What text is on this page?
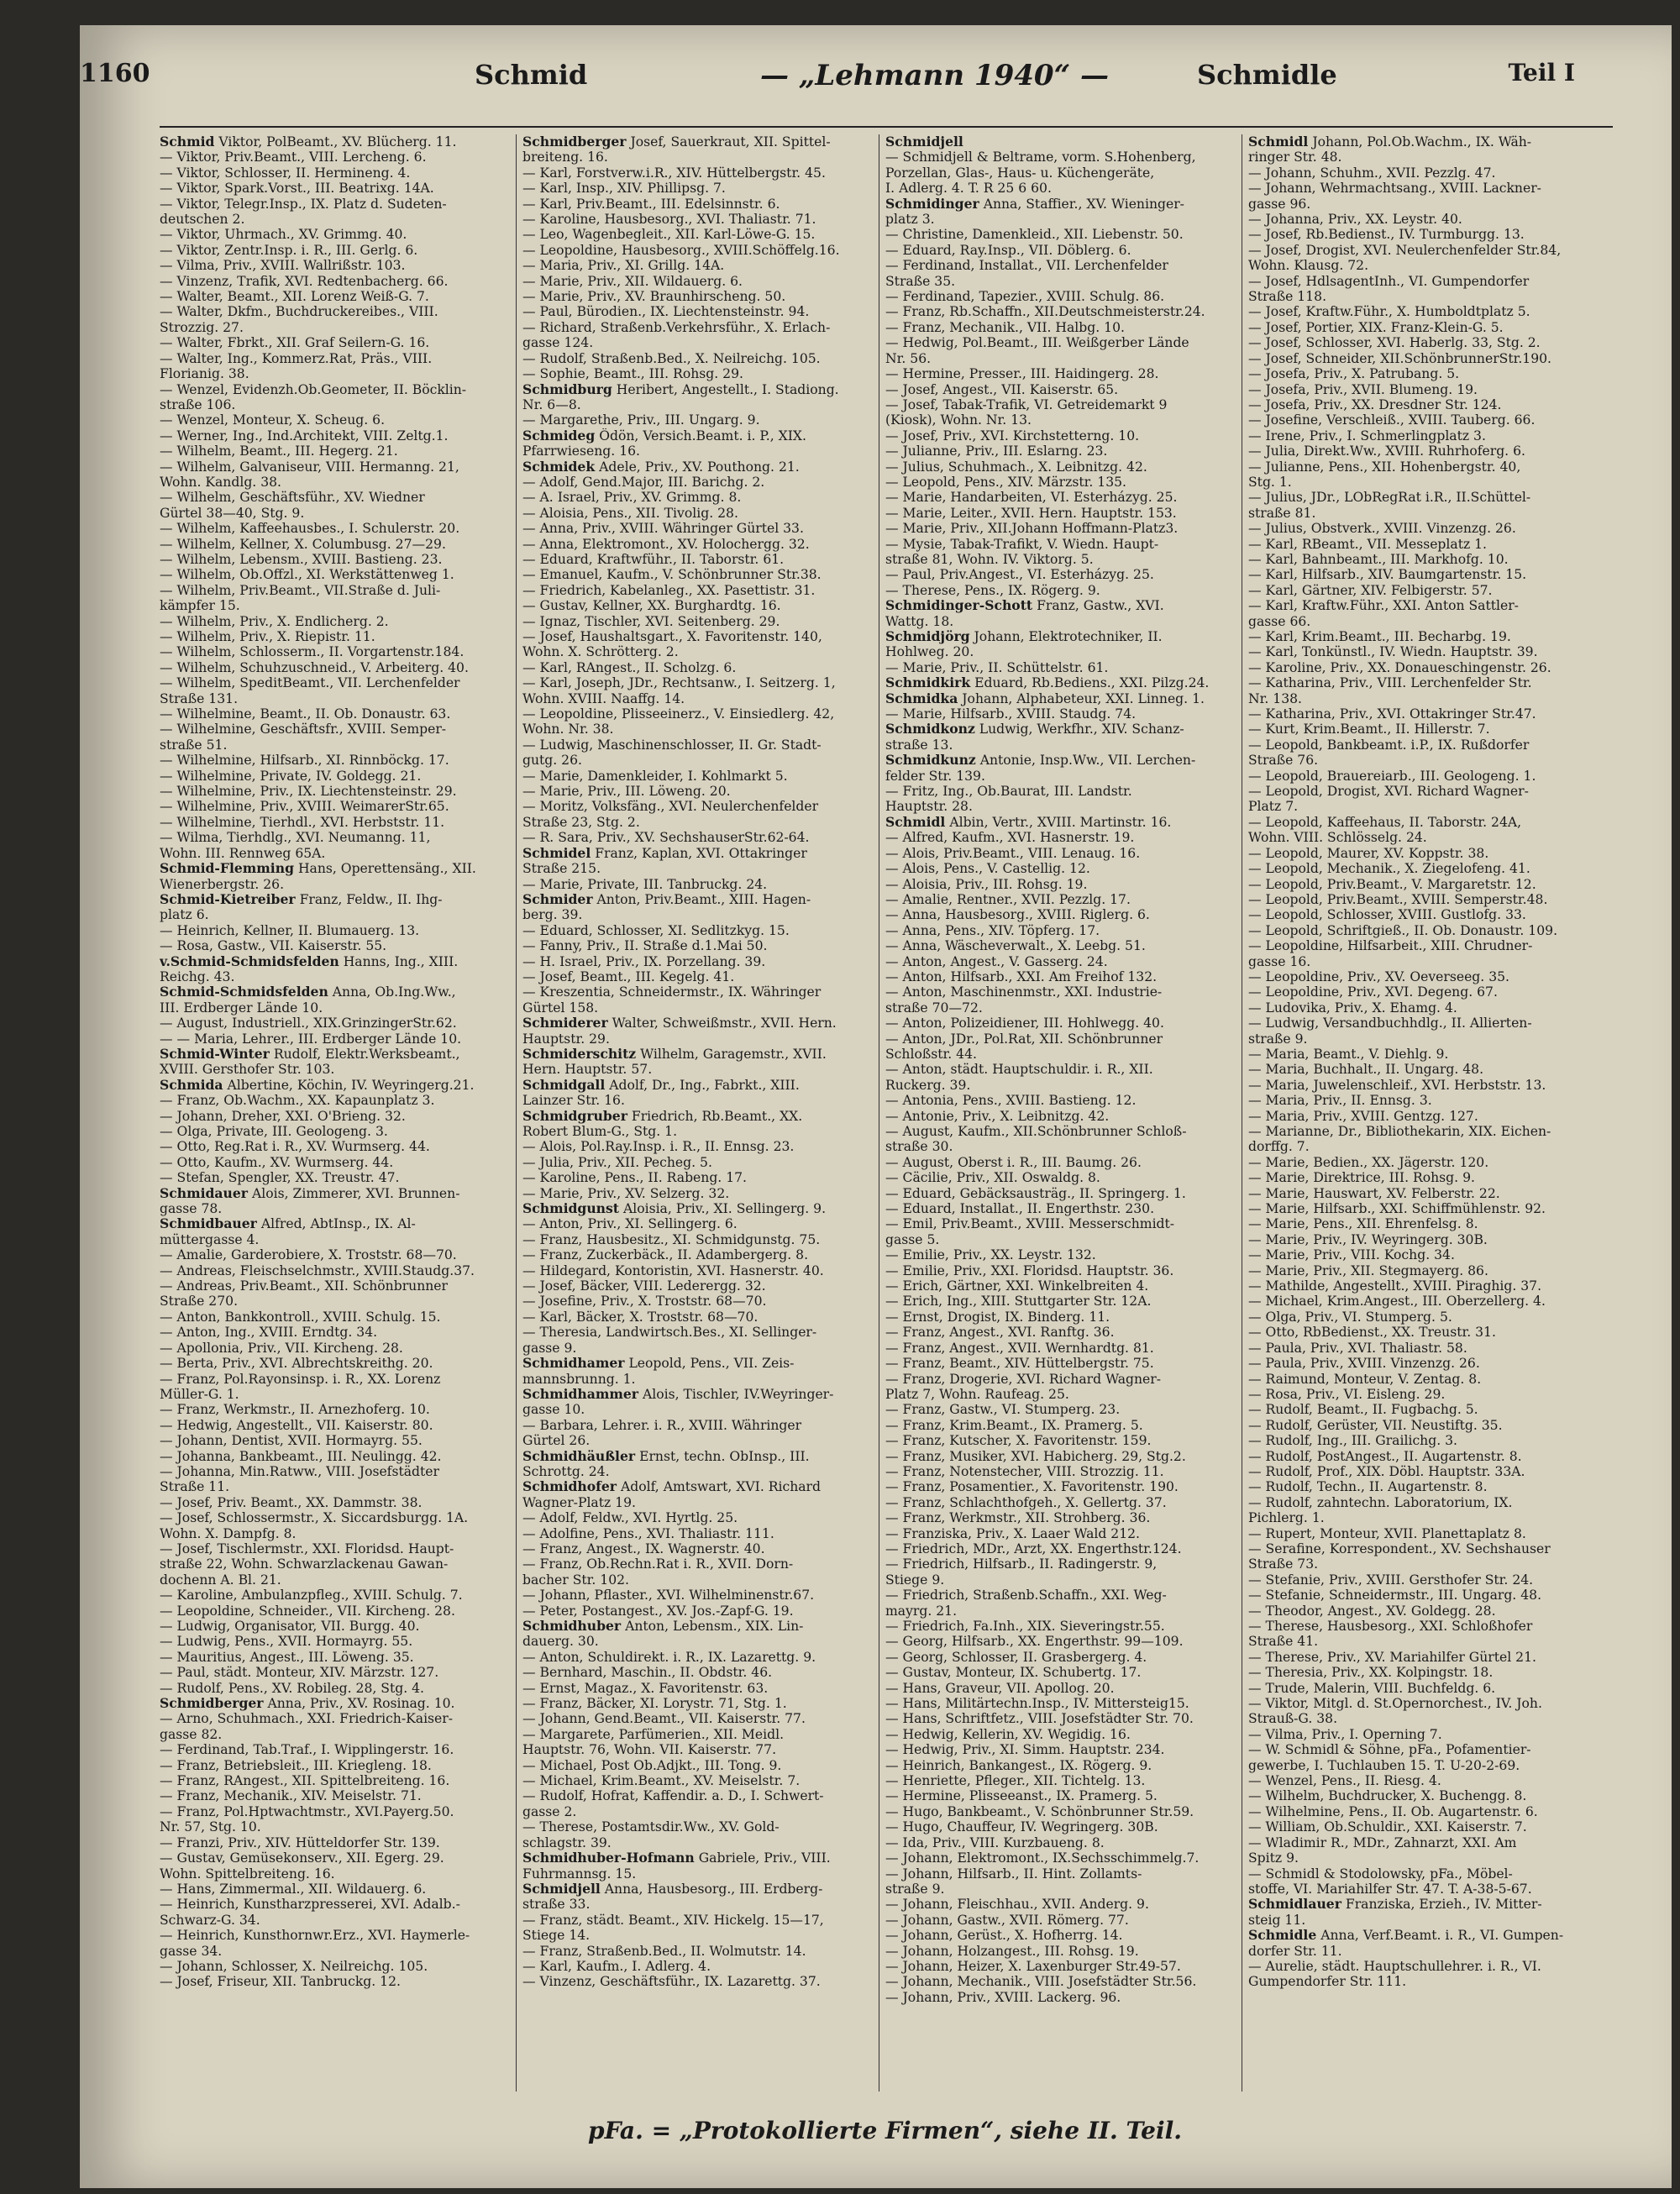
1160	Schmid	— „Lehmann 1940“ —	Schmidle	Teil I
Schmid Viktor, PolBeamt., XV. Blücherg. 11.
— Viktor, Priv.Beamt., VIII. Lercheng. 6.
— Viktor, Schlosser, II. Hermineng. 4.
— Viktor, Spark.Vorst., III. Beatrixg. 14A.
— Viktor, Telegr.Insp., IX. Platz d. Sudeten-
deutschen 2.
— Viktor, Uhrmach., XV. Grimmg. 40.
— Viktor, Zentr.Insp. i. R., III. Gerlg. 6.
— Vilma, Priv., XVIII. Wallrißstr. 103.
— Vinzenz, Trafik, XVI. Redtenbacherg. 66.
— Walter, Beamt., XII. Lorenz Weiß-G. 7.
— Walter, Dkfm., Buchdruckereibes., VIII.
Strozzig. 27.
— Walter, Fbrkt., XII. Graf Seilern-G. 16.
— Walter, Ing., Kommerz.Rat, Präs., VIII.
Florianig. 38.
— Wenzel, Evidenzh.Ob.Geometer, II. Böcklin-
straße 106.
— Wenzel, Monteur, X. Scheug. 6.
— Werner, Ing., Ind.Architekt, VIII. Zeltg.1.
— Wilhelm, Beamt., III. Hegerg. 21.
— Wilhelm, Galvaniseur, VIII. Hermanng. 21,
Wohn. Kandlg. 38.
— Wilhelm, Geschäftsführ., XV. Wiedner
Gürtel 38—40, Stg. 9.
— Wilhelm, Kaffeehausbes., I. Schulerstr. 20.
— Wilhelm, Kellner, X. Columbusg. 27—29.
— Wilhelm, Lebensm., XVIII. Bastieng. 23.
— Wilhelm, Ob.Offzl., XI. Werkstättenweg 1.
— Wilhelm, Priv.Beamt., VII.Straße d. Juli-
kämpfer 15.
— Wilhelm, Priv., X. Endlicherg. 2.
— Wilhelm, Priv., X. Riepistr. 11.
— Wilhelm, Schlosserm., II. Vorgartenstr.184.
— Wilhelm, Schuhzuschneid., V. Arbeiterg. 40.
— Wilhelm, SpeditBeamt., VII. Lerchenfelder
Straße 131.
— Wilhelmine, Beamt., II. Ob. Donaustr. 63.
— Wilhelmine, Geschäftsfr., XVIII. Semper-
straße 51.
— Wilhelmine, Hilfsarb., XI. Rinnböckg. 17.
— Wilhelmine, Private, IV. Goldegg. 21.
— Wilhelmine, Priv., IX. Liechtensteinstr. 29.
— Wilhelmine, Priv., XVIII. WeimarerStr.65.
— Wilhelmine, Tierhdl., XVI. Herbststr. 11.
— Wilma, Tierhdlg., XVI. Neumanng. 11,
Wohn. III. Rennweg 65A.
Schmid-Flemming Hans, Operettensäng., XII.
Wienerbergstr. 26.
Schmid-Kietreiber Franz, Feldw., II. Ihg-
platz 6.
— Heinrich, Kellner, II. Blumauerg. 13.
— Rosa, Gastw., VII. Kaiserstr. 55.
v.Schmid-Schmidsfelden Hanns, Ing., XIII.
Reichg. 43.
Schmid-Schmidsfelden Anna, Ob.Ing.Ww.,
III. Erdberger Lände 10.
— August, Industriell., XIX.GrinzingerStr.62.
— — Maria, Lehrer., III. Erdberger Lände 10.
Schmid-Winter Rudolf, Elektr.Werksbeamt.,
XVIII. Gersthofer Str. 103.
Schmida Albertine, Köchin, IV. Weyringerg.21.
— Franz, Ob.Wachm., XX. Kapaunplatz 3.
— Johann, Dreher, XXI. O'Brieng. 32.
— Olga, Private, III. Geologeng. 3.
— Otto, Reg.Rat i. R., XV. Wurmserg. 44.
— Otto, Kaufm., XV. Wurmserg. 44.
— Stefan, Spengler, XX. Treustr. 47.
Schmidauer Alois, Zimmerer, XVI. Brunnen-
gasse 78.
Schmidbauer Alfred, AbtInsp., IX. Al-
müttergasse 4.
— Amalie, Garderobiere, X. Troststr. 68—70.
— Andreas, Fleischselchmstr., XVIII.Staudg.37.
— Andreas, Priv.Beamt., XII. Schönbrunner
Straße 270.
— Anton, Bankkontroll., XVIII. Schulg. 15.
— Anton, Ing., XVIII. Erndtg. 34.
— Apollonia, Priv., VII. Kircheng. 28.
— Berta, Priv., XVI. Albrechtskreithg. 20.
— Franz, Pol.Rayonsinsp. i. R., XX. Lorenz
Müller-G. 1.
— Franz, Werkmstr., II. Arnezhoferg. 10.
— Hedwig, Angestellt., VII. Kaiserstr. 80.
— Johann, Dentist, XVII. Hormayrg. 55.
— Johanna, Bankbeamt., III. Neulingg. 42.
— Johanna, Min.Ratww., VIII. Josefstädter
Straße 11.
— Josef, Priv. Beamt., XX. Dammstr. 38.
— Josef, Schlossermstr., X. Siccardsburgg. 1A.
Wohn. X. Dampfg. 8.
— Josef, Tischlermstr., XXI. Floridsd. Haupt-
straße 22, Wohn. Schwarzlackenau Gawan-
dochenn A. Bl. 21.
— Karoline, Ambulanzpfleg., XVIII. Schulg. 7.
— Leopoldine, Schneider., VII. Kircheng. 28.
— Ludwig, Organisator, VII. Burgg. 40.
— Ludwig, Pens., XVII. Hormayrg. 55.
— Mauritius, Angest., III. Löweng. 35.
— Paul, städt. Monteur, XIV. Märzstr. 127.
— Rudolf, Pens., XV. Robileg. 28, Stg. 4.
Schmidberger Anna, Priv., XV. Rosinag. 10.
— Arno, Schuhmach., XXI. Friedrich-Kaiser-
gasse 82.
— Ferdinand, Tab.Traf., I. Wipplingerstr. 16.
— Franz, Betriebsleit., III. Kriegleng. 18.
— Franz, RAngest., XII. Spittelbreiteng. 16.
— Franz, Mechanik., XIV. Meiselstr. 71.
— Franz, Pol.Hptwachtmstr., XVI.Payerg.50.
Nr. 57, Stg. 10.
— Franzi, Priv., XIV. Hütteldorfer Str. 139.
— Gustav, Gemüsekonserv., XII. Egerg. 29.
Wohn. Spittelbreiteng. 16.
— Hans, Zimmermal., XII. Wildauerg. 6.
— Heinrich, Kunstharzpresserei, XVI. Adalb.-
Schwarz-G. 34.
— Heinrich, Kunsthornwr.Erz., XVI. Haymerle-
gasse 34.
— Johann, Schlosser, X. Neilreichg. 105.
— Josef, Friseur, XII. Tanbruckg. 12.
Schmidberger Josef, Sauerkraut, XII. Spittel-
breiteng. 16.
— Karl, Forstverw.i.R., XIV. Hüttelbergstr. 45.
— Karl, Insp., XIV. Phillipsg. 7.
— Karl, Priv.Beamt., III. Edelsinnstr. 6.
— Karoline, Hausbesorg., XVI. Thaliastr. 71.
— Leo, Wagenbegleit., XII. Karl-Löwe-G. 15.
— Leopoldine, Hausbesorg., XVIII.Schöffelg.16.
— Maria, Priv., XI. Grillg. 14A.
— Marie, Priv., XII. Wildauerg. 6.
— Marie, Priv., XV. Braunhirscheng. 50.
— Paul, Bürodien., IX. Liechtensteinstr. 94.
— Richard, Straßenb.Verkehrsführ., X. Erlach-
gasse 124.
— Rudolf, Straßenb.Bed., X. Neilreichg. 105.
— Sophie, Beamt., III. Rohsg. 29.
Schmidburg Heribert, Angestellt., I. Stadiong.
Nr. 6—8.
— Margarethe, Priv., III. Ungarg. 9.
Schmideg Ödön, Versich.Beamt. i. P., XIX.
Pfarrwieseng. 16.
Schmidek Adele, Priv., XV. Pouthong. 21.
— Adolf, Gend.Major, III. Barichg. 2.
— A. Israel, Priv., XV. Grimmg. 8.
— Aloisia, Pens., XII. Tivolig. 28.
— Anna, Priv., XVIII. Währinger Gürtel 33.
— Anna, Elektromont., XV. Holochergg. 32.
— Eduard, Kraftwführ., II. Taborstr. 61.
— Emanuel, Kaufm., V. Schönbrunner Str.38.
— Friedrich, Kabelanleg., XX. Pasettistr. 31.
— Gustav, Kellner, XX. Burghardtg. 16.
— Ignaz, Tischler, XVI. Seitenberg. 29.
— Josef, Haushaltsgart., X. Favoritenstr. 140,
Wohn. X. Schrötterg. 2.
— Karl, RAngest., II. Scholzg. 6.
— Karl, Joseph, JDr., Rechtsanw., I. Seitzerg. 1,
Wohn. XVIII. Naaffg. 14.
— Leopoldine, Plisseeinerz., V. Einsiedlerg. 42,
Wohn. Nr. 38.
— Ludwig, Maschinenschlosser, II. Gr. Stadt-
gutg. 26.
— Marie, Damenkleider, I. Kohlmarkt 5.
— Marie, Priv., III. Löweng. 20.
— Moritz, Volksfäng., XVI. Neulerchenfelder
Straße 23, Stg. 2.
— R. Sara, Priv., XV. SechshauserStr.62-64.
Schmidel Franz, Kaplan, XVI. Ottakringer
Straße 215.
— Marie, Private, III. Tanbruckg. 24.
Schmider Anton, Priv.Beamt., XIII. Hagen-
berg. 39.
— Eduard, Schlosser, XI. Sedlitzkyg. 15.
— Fanny, Priv., II. Straße d.1.Mai 50.
— H. Israel, Priv., IX. Porzellang. 39.
— Josef, Beamt., III. Kegelg. 41.
— Kreszentia, Schneidermstr., IX. Währinger
Gürtel 158.
Schmiderer Walter, Schweißmstr., XVII. Hern.
Hauptstr. 29.
Schmiderschitz Wilhelm, Garagemstr., XVII.
Hern. Hauptstr. 57.
Schmidgall Adolf, Dr., Ing., Fabrkt., XIII.
Lainzer Str. 16.
Schmidgruber Friedrich, Rb.Beamt., XX.
Robert Blum-G., Stg. 1.
— Alois, Pol.Ray.Insp. i. R., II. Ennsg. 23.
— Julia, Priv., XII. Pecheg. 5.
— Karoline, Pens., II. Rabeng. 17.
— Marie, Priv., XV. Selzerg. 32.
Schmidgunst Aloisia, Priv., XI. Sellingerg. 9.
— Anton, Priv., XI. Sellingerg. 6.
— Franz, Hausbesitz., XI. Schmidgunstg. 75.
— Franz, Zuckerbäck., II. Adambergerg. 8.
— Hildegard, Kontoristin, XVI. Hasnerstr. 40.
— Josef, Bäcker, VIII. Lederergg. 32.
— Josefine, Priv., X. Troststr. 68—70.
— Karl, Bäcker, X. Troststr. 68—70.
— Theresia, Landwirtsch.Bes., XI. Sellinger-
gasse 9.
Schmidhamer Leopold, Pens., VII. Zeis-
mannsbrunng. 1.
Schmidhammer Alois, Tischler, IV.Weyringer-
gasse 10.
— Barbara, Lehrer. i. R., XVIII. Währinger
Gürtel 26.
Schmidhäußler Ernst, techn. ObInsp., III.
Schrottg. 24.
Schmidhofer Adolf, Amtswart, XVI. Richard
Wagner-Platz 19.
— Adolf, Feldw., XVI. Hyrtlg. 25.
— Adolfine, Pens., XVI. Thaliastr. 111.
— Franz, Angest., IX. Wagnerstr. 40.
— Franz, Ob.Rechn.Rat i. R., XVII. Dorn-
bacher Str. 102.
— Johann, Pflaster., XVI. Wilhelminenstr.67.
— Peter, Postangest., XV. Jos.-Zapf-G. 19.
Schmidhuber Anton, Lebensm., XIX. Lin-
dauerg. 30.
— Anton, Schuldirekt. i. R., IX. Lazarettg. 9.
— Bernhard, Maschin., II. Obdstr. 46.
— Ernst, Magaz., X. Favoritenstr. 63.
— Franz, Bäcker, XI. Lorystr. 71, Stg. 1.
— Johann, Gend.Beamt., VII. Kaiserstr. 77.
— Margarete, Parfümerien., XII. Meidl.
Hauptstr. 76, Wohn. VII. Kaiserstr. 77.
— Michael, Post Ob.Adjkt., III. Tong. 9.
— Michael, Krim.Beamt., XV. Meiselstr. 7.
— Rudolf, Hofrat, Kaffendir. a. D., I. Schwert-
gasse 2.
— Therese, Postamtsdir.Ww., XV. Gold-
schlagstr. 39.
Schmidhuber-Hofmann Gabriele, Priv., VIII.
Fuhrmannsg. 15.
Schmidjell Anna, Hausbesorg., III. Erdberg-
straße 33.
— Franz, städt. Beamt., XIV. Hickelg. 15—17,
Stiege 14.
— Franz, Straßenb.Bed., II. Wolmutstr. 14.
— Karl, Kaufm., I. Adlerg. 4.
— Vinzenz, Geschäftsführ., IX. Lazarettg. 37.
Schmidjell
— Schmidjell & Beltrame, vorm. S.Hohenberg,
Porzellan, Glas-, Haus- u. Küchengeräte,
I. Adlerg. 4. T. R 25 6 60.
Schmidinger Anna, Staffier., XV. Wieninger-
platz 3.
— Christine, Damenkleid., XII. Liebenstr. 50.
— Eduard, Ray.Insp., VII. Döblerg. 6.
— Ferdinand, Installat., VII. Lerchenfelder
Straße 35.
— Ferdinand, Tapezier., XVIII. Schulg. 86.
— Franz, Rb.Schaffn., XII.Deutschmeisterstr.24.
— Franz, Mechanik., VII. Halbg. 10.
— Hedwig, Pol.Beamt., III. Weißgerber Lände
Nr. 56.
— Hermine, Presser., III. Haidingerg. 28.
— Josef, Angest., VII. Kaiserstr. 65.
— Josef, Tabak-Trafik, VI. Getreidemarkt 9
(Kiosk), Wohn. Nr. 13.
— Josef, Priv., XVI. Kirchstetterng. 10.
— Julianne, Priv., III. Eslarng. 23.
— Julius, Schuhmach., X. Leibnitzg. 42.
— Leopold, Pens., XIV. Märzstr. 135.
— Marie, Handarbeiten, VI. Esterházyg. 25.
— Marie, Leiter., XVII. Hern. Hauptstr. 153.
— Marie, Priv., XII.Johann Hoffmann-Platz3.
— Mysie, Tabak-Trafikt, V. Wiedn. Haupt-
straße 81, Wohn. IV. Viktorg. 5.
— Paul, Priv.Angest., VI. Esterházyg. 25.
— Therese, Pens., IX. Rögerg. 9.
Schmidinger-Schott Franz, Gastw., XVI.
Wattg. 18.
Schmidjörg Johann, Elektrotechniker, II.
Hohlweg. 20.
— Marie, Priv., II. Schüttelstr. 61.
Schmidkirk Eduard, Rb.Bediens., XXI. Pilzg.24.
Schmidka Johann, Alphabeteur, XXI. Linneg. 1.
— Marie, Hilfsarb., XVIII. Staudg. 74.
Schmidkonz Ludwig, Werkfhr., XIV. Schanz-
straße 13.
Schmidkunz Antonie, Insp.Ww., VII. Lerchen-
felder Str. 139.
— Fritz, Ing., Ob.Baurat, III. Landstr.
Hauptstr. 28.
Schmidl Albin, Vertr., XVIII. Martinstr. 16.
— Alfred, Kaufm., XVI. Hasnerstr. 19.
— Alois, Priv.Beamt., VIII. Lenaug. 16.
— Alois, Pens., V. Castellig. 12.
— Aloisia, Priv., III. Rohsg. 19.
— Amalie, Rentner., XVII. Pezzlg. 17.
— Anna, Hausbesorg., XVIII. Riglerg. 6.
— Anna, Pens., XIV. Töpferg. 17.
— Anna, Wäscheverwalt., X. Leebg. 51.
— Anton, Angest., V. Gasserg. 24.
— Anton, Hilfsarb., XXI. Am Freihof 132.
— Anton, Maschinenmstr., XXI. Industrie-
straße 70—72.
— Anton, Polizeidiener, III. Hohlwegg. 40.
— Anton, JDr., Pol.Rat, XII. Schönbrunner
Schloßstr. 44.
— Anton, städt. Hauptschuldir. i. R., XII.
Ruckerg. 39.
— Antonia, Pens., XVIII. Bastieng. 12.
— Antonie, Priv., X. Leibnitzg. 42.
— August, Kaufm., XII.Schönbrunner Schloß-
straße 30.
— August, Oberst i. R., III. Baumg. 26.
— Cäcilie, Priv., XII. Oswaldg. 8.
— Eduard, Gebäcksausträg., II. Springerg. 1.
— Eduard, Installat., II. Engerthstr. 230.
— Emil, Priv.Beamt., XVIII. Messerschmidt-
gasse 5.
— Emilie, Priv., XX. Leystr. 132.
— Emilie, Priv., XXI. Floridsd. Hauptstr. 36.
— Erich, Gärtner, XXI. Winkelbreiten 4.
— Erich, Ing., XIII. Stuttgarter Str. 12A.
— Ernst, Drogist, IX. Binderg. 11.
— Franz, Angest., XVI. Ranftg. 36.
— Franz, Angest., XVII. Wernhardtg. 81.
— Franz, Beamt., XIV. Hüttelbergstr. 75.
— Franz, Drogerie, XVI. Richard Wagner-
Platz 7, Wohn. Raufeag. 25.
— Franz, Gastw., VI. Stumperg. 23.
— Franz, Krim.Beamt., IX. Pramerg. 5.
— Franz, Kutscher, X. Favoritenstr. 159.
— Franz, Musiker, XVI. Habicherg. 29, Stg.2.
— Franz, Notenstecher, VIII. Strozzig. 11.
— Franz, Posamentier., X. Favoritenstr. 190.
— Franz, Schlachthofgeh., X. Gellertg. 37.
— Franz, Werkmstr., XII. Strohberg. 36.
— Franziska, Priv., X. Laaer Wald 212.
— Friedrich, MDr., Arzt, XX. Engerthstr.124.
— Friedrich, Hilfsarb., II. Radingerstr. 9,
Stiege 9.
— Friedrich, Straßenb.Schaffn., XXI. Weg-
mayrg. 21.
— Friedrich, Fa.Inh., XIX. Sieveringstr.55.
— Georg, Hilfsarb., XX. Engerthstr. 99—109.
— Georg, Schlosser, II. Grasbergerg. 4.
— Gustav, Monteur, IX. Schubertg. 17.
— Hans, Graveur, VII. Apollog. 20.
— Hans, Militärtechn.Insp., IV. Mittersteig15.
— Hans, Schriftfetz., VIII. Josefstädter Str. 70.
— Hedwig, Kellerin, XV. Wegidig. 16.
— Hedwig, Priv., XI. Simm. Hauptstr. 234.
— Heinrich, Bankangest., IX. Rögerg. 9.
— Henriette, Pfleger., XII. Tichtelg. 13.
— Hermine, Plisseeanst., IX. Pramerg. 5.
— Hugo, Bankbeamt., V. Schönbrunner Str.59.
— Hugo, Chauffeur, IV. Wegringerg. 30B.
— Ida, Priv., VIII. Kurzbaueng. 8.
— Johann, Elektromont., IX.Sechsschimmelg.7.
— Johann, Hilfsarb., II. Hint. Zollamts-
straße 9.
— Johann, Fleischhau., XVII. Anderg. 9.
— Johann, Gastw., XVII. Römerg. 77.
— Johann, Gerüst., X. Hofherrg. 14.
— Johann, Holzangest., III. Rohsg. 19.
— Johann, Heizer, X. Laxenburger Str.49-57.
— Johann, Mechanik., VIII. Josefstädter Str.56.
— Johann, Priv., XVIII. Lackerg. 96.
Schmidl Johann, Pol.Ob.Wachm., IX. Wäh-
ringer Str. 48.
— Johann, Schuhm., XVII. Pezzlg. 47.
— Johann, Wehrmachtsang., XVIII. Lackner-
gasse 96.
— Johanna, Priv., XX. Leystr. 40.
— Josef, Rb.Bedienst., IV. Turmburgg. 13.
— Josef, Drogist, XVI. Neulerchenfelder Str.84,
Wohn. Klausg. 72.
— Josef, HdlsagentInh., VI. Gumpendorfer
Straße 118.
— Josef, Kraftw.Führ., X. Humboldtplatz 5.
— Josef, Portier, XIX. Franz-Klein-G. 5.
— Josef, Schlosser, XVI. Haberlg. 33, Stg. 2.
— Josef, Schneider, XII.SchönbrunnerStr.190.
— Josefa, Priv., X. Patrubang. 5.
— Josefa, Priv., XVII. Blumeng. 19.
— Josefa, Priv., XX. Dresdner Str. 124.
— Josefine, Verschleiß., XVIII. Tauberg. 66.
— Irene, Priv., I. Schmerlingplatz 3.
— Julia, Direkt.Ww., XVIII. Ruhrhoferg. 6.
— Julianne, Pens., XII. Hohenbergstr. 40,
Stg. 1.
— Julius, JDr., LObRegRat i.R., II.Schüttel-
straße 81.
— Julius, Obstverk., XVIII. Vinzenzg. 26.
— Karl, RBeamt., VII. Messeplatz 1.
— Karl, Bahnbeamt., III. Markhofg. 10.
— Karl, Hilfsarb., XIV. Baumgartenstr. 15.
— Karl, Gärtner, XIV. Felbigerstr. 57.
— Karl, Kraftw.Führ., XXI. Anton Sattler-
gasse 66.
— Karl, Krim.Beamt., III. Becharbg. 19.
— Karl, Tonkünstl., IV. Wiedn. Hauptstr. 39.
— Karoline, Priv., XX. Donaueschingenstr. 26.
— Katharina, Priv., VIII. Lerchenfelder Str.
Nr. 138.
— Katharina, Priv., XVI. Ottakringer Str.47.
— Kurt, Krim.Beamt., II. Hillerstr. 7.
— Leopold, Bankbeamt. i.P., IX. Rußdorfer
Straße 76.
— Leopold, Brauereiarb., III. Geologeng. 1.
— Leopold, Drogist, XVI. Richard Wagner-
Platz 7.
— Leopold, Kaffeehaus, II. Taborstr. 24A,
Wohn. VIII. Schlösselg. 24.
— Leopold, Maurer, XV. Koppstr. 38.
— Leopold, Mechanik., X. Ziegelofeng. 41.
— Leopold, Priv.Beamt., V. Margaretstr. 12.
— Leopold, Priv.Beamt., XVIII. Semperstr.48.
— Leopold, Schlosser, XVIII. Gustlofg. 33.
— Leopold, Schriftgieß., II. Ob. Donaustr. 109.
— Leopoldine, Hilfsarbeit., XIII. Chrudner-
gasse 16.
— Leopoldine, Priv., XV. Oeverseeg. 35.
— Leopoldine, Priv., XVI. Degeng. 67.
— Ludovika, Priv., X. Ehamg. 4.
— Ludwig, Versandbuchhdlg., II. Allierten-
straße 9.
— Maria, Beamt., V. Diehlg. 9.
— Maria, Buchhalt., II. Ungarg. 48.
— Maria, Juwelenschleif., XVI. Herbststr. 13.
— Maria, Priv., II. Ennsg. 3.
— Maria, Priv., XVIII. Gentzg. 127.
— Marianne, Dr., Bibliothekarin, XIX. Eichen-
dorffg. 7.
— Marie, Bedien., XX. Jägerstr. 120.
— Marie, Direktrice, III. Rohsg. 9.
— Marie, Hauswart, XV. Felberstr. 22.
— Marie, Hilfsarb., XXI. Schiffmühlenstr. 92.
— Marie, Pens., XII. Ehrenfelsg. 8.
— Marie, Priv., IV. Weyringerg. 30B.
— Marie, Priv., VIII. Kochg. 34.
— Marie, Priv., XII. Stegmayerg. 86.
— Mathilde, Angestellt., XVIII. Piraghig. 37.
— Michael, Krim.Angest., III. Oberzellerg. 4.
— Olga, Priv., VI. Stumperg. 5.
— Otto, RbBedienst., XX. Treustr. 31.
— Paula, Priv., XVI. Thaliastr. 58.
— Paula, Priv., XVIII. Vinzenzg. 26.
— Raimund, Monteur, V. Zentag. 8.
— Rosa, Priv., VI. Eisleng. 29.
— Rudolf, Beamt., II. Fugbachg. 5.
— Rudolf, Gerüster, VII. Neustiftg. 35.
— Rudolf, Ing., III. Grailichg. 3.
— Rudolf, PostAngest., II. Augartenstr. 8.
— Rudolf, Prof., XIX. Döbl. Hauptstr. 33A.
— Rudolf, Techn., II. Augartenstr. 8.
— Rudolf, zahntechn. Laboratorium, IX.
Pichlerg. 1.
— Rupert, Monteur, XVII. Planettaplatz 8.
— Serafine, Korrespondent., XV. Sechshauser
Straße 73.
— Stefanie, Priv., XVIII. Gersthofer Str. 24.
— Stefanie, Schneidermstr., III. Ungarg. 48.
— Theodor, Angest., XV. Goldegg. 28.
— Therese, Hausbesorg., XXI. Schloßhofer
Straße 41.
— Therese, Priv., XV. Mariahilfer Gürtel 21.
— Theresia, Priv., XX. Kolpingstr. 18.
— Trude, Malerin, VIII. Buchfeldg. 6.
— Viktor, Mitgl. d. St.Opernorchest., IV. Joh.
Strauß-G. 38.
— Vilma, Priv., I. Operning 7.
— W. Schmidl & Söhne, pFa., Pofamentier-
gewerbe, I. Tuchlauben 15. T. U-20-2-69.
— Wenzel, Pens., II. Riesg. 4.
— Wilhelm, Buchdrucker, X. Buchengg. 8.
— Wilhelmine, Pens., II. Ob. Augartenstr. 6.
— William, Ob.Schuldir., XXI. Kaiserstr. 7.
— Wladimir R., MDr., Zahnarzt, XXI. Am
Spitz 9.
— Schmidl & Stodolowsky, pFa., Möbel-
stoffe, VI. Mariahilfer Str. 47. T. A-38-5-67.
Schmidlauer Franziska, Erzieh., IV. Mitter-
steig 11.
Schmidle Anna, Verf.Beamt. i. R., VI. Gumpen-
dorfer Str. 11.
— Aurelie, städt. Hauptschullehrer. i. R., VI.
Gumpendorfer Str. 111.
pFa. = „Protokollierte Firmen“, siehe II. Teil.
